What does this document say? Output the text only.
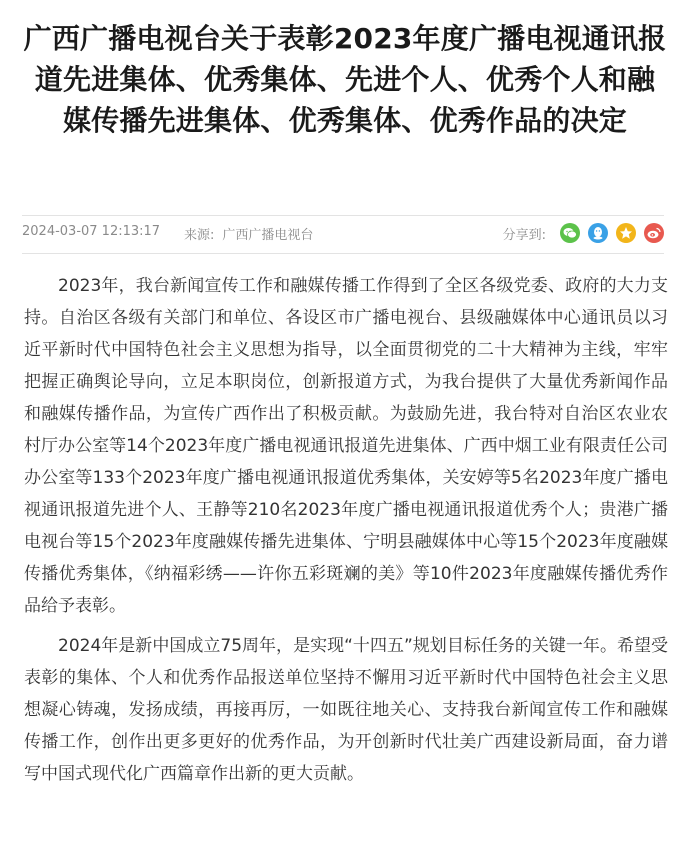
广西广播电视台关于表彰2023年度广播电视通讯报道先进集体、优秀集体、先进个人、优秀个人和融媒传播先进集体、优秀集体、优秀作品的决定
2024-03-07 12:13:17 来源: 广西广播电视台	分享到:

2023年，我台新闻宣传工作和融媒传播工作得到了全区各级党委、政府的大力支持。自治区各级有关部门和单位、各设区市广播电视台、县级融媒体中心通讯员以习近平新时代中国特色社会主义思想为指导，以全面贯彻党的二十大精神为主线，牢牢把握正确舆论导向，立足本职岗位，创新报道方式，为我台提供了大量优秀新闻作品和融媒传播作品，为宣传广西作出了积极贡献。为鼓励先进，我台特对自治区农业农村厅办公室等14个2023年度广播电视通讯报道先进集体、广西中烟工业有限责任公司办公室等133个2023年度广播电视通讯报道优秀集体，关安婷等5名2023年度广播电视通讯报道先进个人、王静等210名2023年度广播电视通讯报道优秀个人；贵港广播电视台等15个2023年度融媒传播先进集体、宁明县融媒体中心等15个2023年度融媒传播优秀集体，《纳福彩绣——许你五彩斑斓的美》等10件2023年度融媒传播优秀作品给予表彰。

2024年是新中国成立75周年，是实现“十四五”规划目标任务的关键一年。希望受表彰的集体、个人和优秀作品报送单位坚持不懈用习近平新时代中国特色社会主义思想凝心铸魂，发扬成绩，再接再厉，一如既往地关心、支持我台新闻宣传工作和融媒传播工作，创作出更多更好的优秀作品，为开创新时代壮美广西建设新局面，奋力谱写中国式现代化广西篇章作出新的更大贡献。
